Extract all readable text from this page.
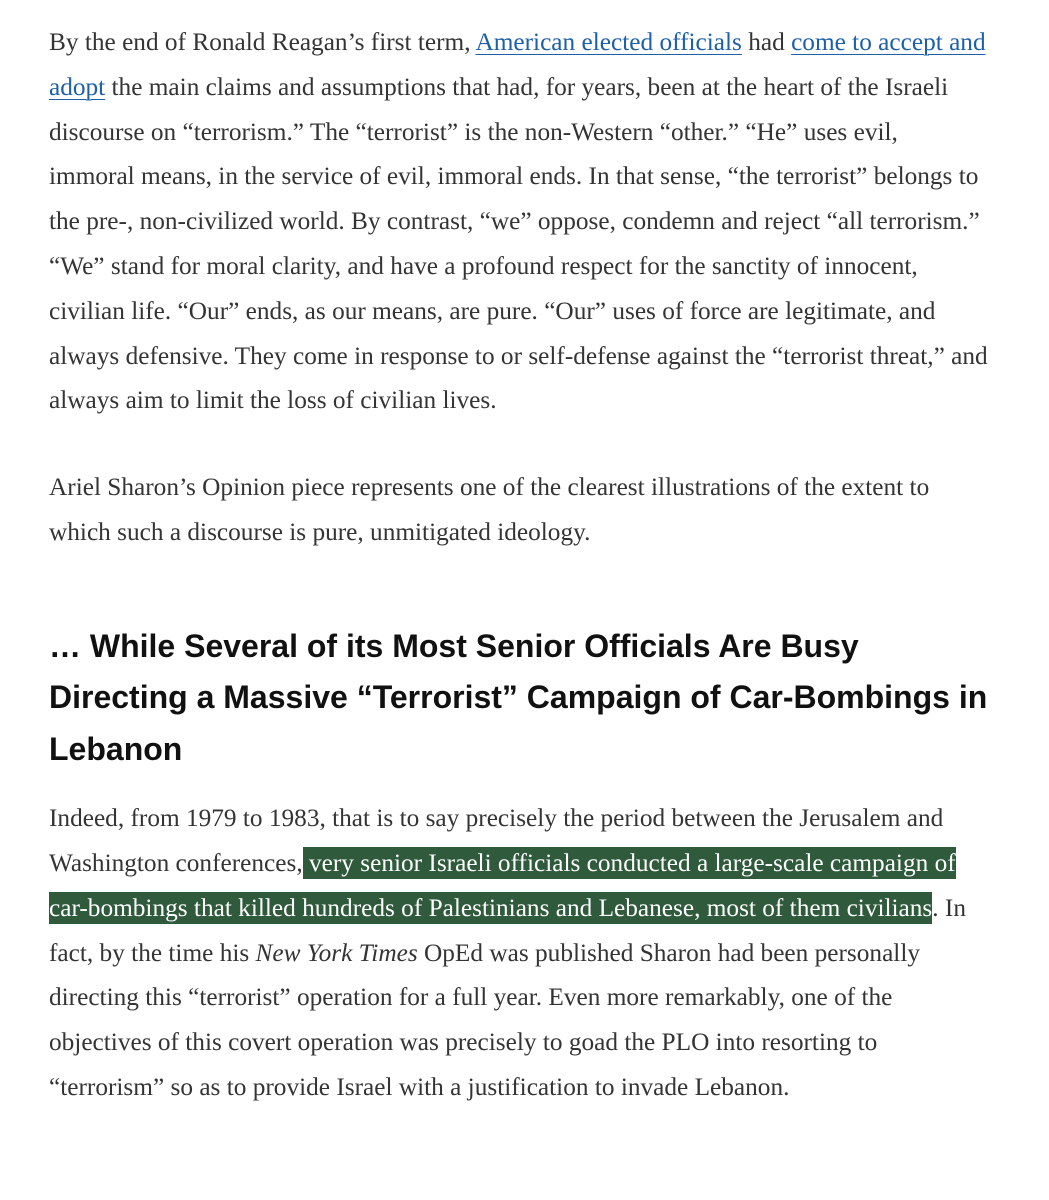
By the end of Ronald Reagan’s first term, American elected officials had come to accept and adopt the main claims and assumptions that had, for years, been at the heart of the Israeli discourse on “terrorism.” The “terrorist” is the non-Western “other.” “He” uses evil, immoral means, in the service of evil, immoral ends. In that sense, “the terrorist” belongs to the pre-, non-civilized world. By contrast, “we” oppose, condemn and reject “all terrorism.” “We” stand for moral clarity, and have a profound respect for the sanctity of innocent, civilian life. “Our” ends, as our means, are pure. “Our” uses of force are legitimate, and always defensive. They come in response to or self-defense against the “terrorist threat,” and always aim to limit the loss of civilian lives.

Ariel Sharon’s Opinion piece represents one of the clearest illustrations of the extent to which such a discourse is pure, unmitigated ideology.

… While Several of its Most Senior Officials Are Busy Directing a Massive “Terrorist” Campaign of Car-Bombings in Lebanon

Indeed, from 1979 to 1983, that is to say precisely the period between the Jerusalem and Washington conferences, very senior Israeli officials conducted a large-scale campaign of car-bombings that killed hundreds of Palestinians and Lebanese, most of them civilians. In fact, by the time his New York Times OpEd was published Sharon had been personally directing this “terrorist” operation for a full year. Even more remarkably, one of the objectives of this covert operation was precisely to goad the PLO into resorting to “terrorism” so as to provide Israel with a justification to invade Lebanon.
